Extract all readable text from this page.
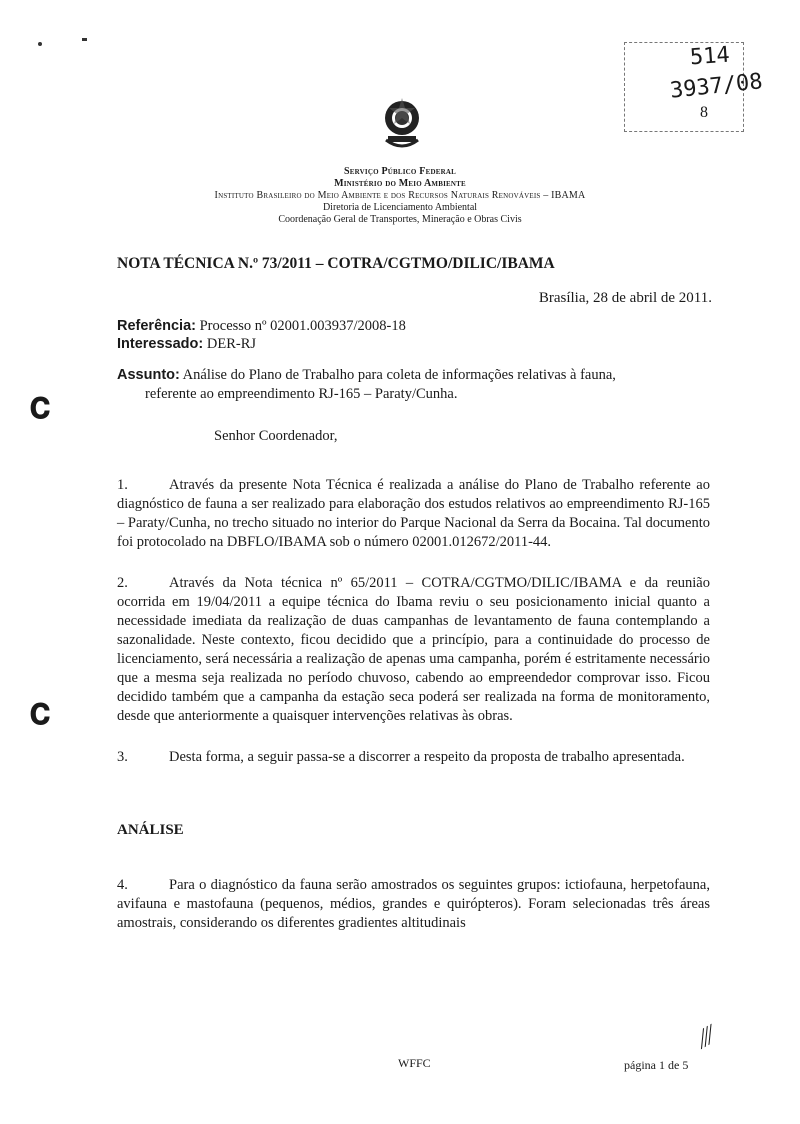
514
3937/08
8
Serviço Público Federal
Ministério do Meio Ambiente
Instituto Brasileiro do Meio Ambiente e dos Recursos Naturais Renováveis – IBAMA
Diretoria de Licenciamento Ambiental
Coordenação Geral de Transportes, Mineração e Obras Civis
NOTA TÉCNICA N.º 73/2011 – COTRA/CGTMO/DILIC/IBAMA
Brasília, 28 de abril de 2011.
Referência: Processo nº 02001.003937/2008-18
Interessado: DER-RJ
Assunto: Análise do Plano de Trabalho para coleta de informações relativas à fauna,
referente ao empreendimento RJ-165 – Paraty/Cunha.
𝐂
Senhor Coordenador,
1.	Através da presente Nota Técnica é realizada a análise do Plano de Trabalho referente ao diagnóstico de fauna a ser realizado para elaboração dos estudos relativos ao empreendimento RJ-165 – Paraty/Cunha, no trecho situado no interior do Parque Nacional da Serra da Bocaina. Tal documento foi protocolado na DBFLO/IBAMA sob o número 02001.012672/2011-44.
2.	Através da Nota técnica nº 65/2011 – COTRA/CGTMO/DILIC/IBAMA e da reunião ocorrida em 19/04/2011 a equipe técnica do Ibama reviu o seu posicionamento inicial quanto a necessidade imediata da realização de duas campanhas de levantamento de fauna contemplando a sazonalidade. Neste contexto, ficou decidido que a princípio, para a continuidade do processo de licenciamento, será necessária a realização de apenas uma campanha, porém é estritamente necessário que a mesma seja realizada no período chuvoso, cabendo ao empreendedor comprovar isso. Ficou decidido também que a campanha da estação seca poderá ser realizada na forma de monitoramento, desde que anteriormente a quaisquer intervenções relativas às obras.
𝐂
3.	Desta forma, a seguir passa-se a discorrer a respeito da proposta de trabalho apresentada.
ANÁLISE
4.	Para o diagnóstico da fauna serão amostrados os seguintes grupos: ictiofauna, herpetofauna, avifauna e mastofauna (pequenos, médios, grandes e quirópteros). Foram selecionadas três áreas amostrais, considerando os diferentes gradientes altitudinais
⁄⁄⁄
WFFC	página 1 de 5
